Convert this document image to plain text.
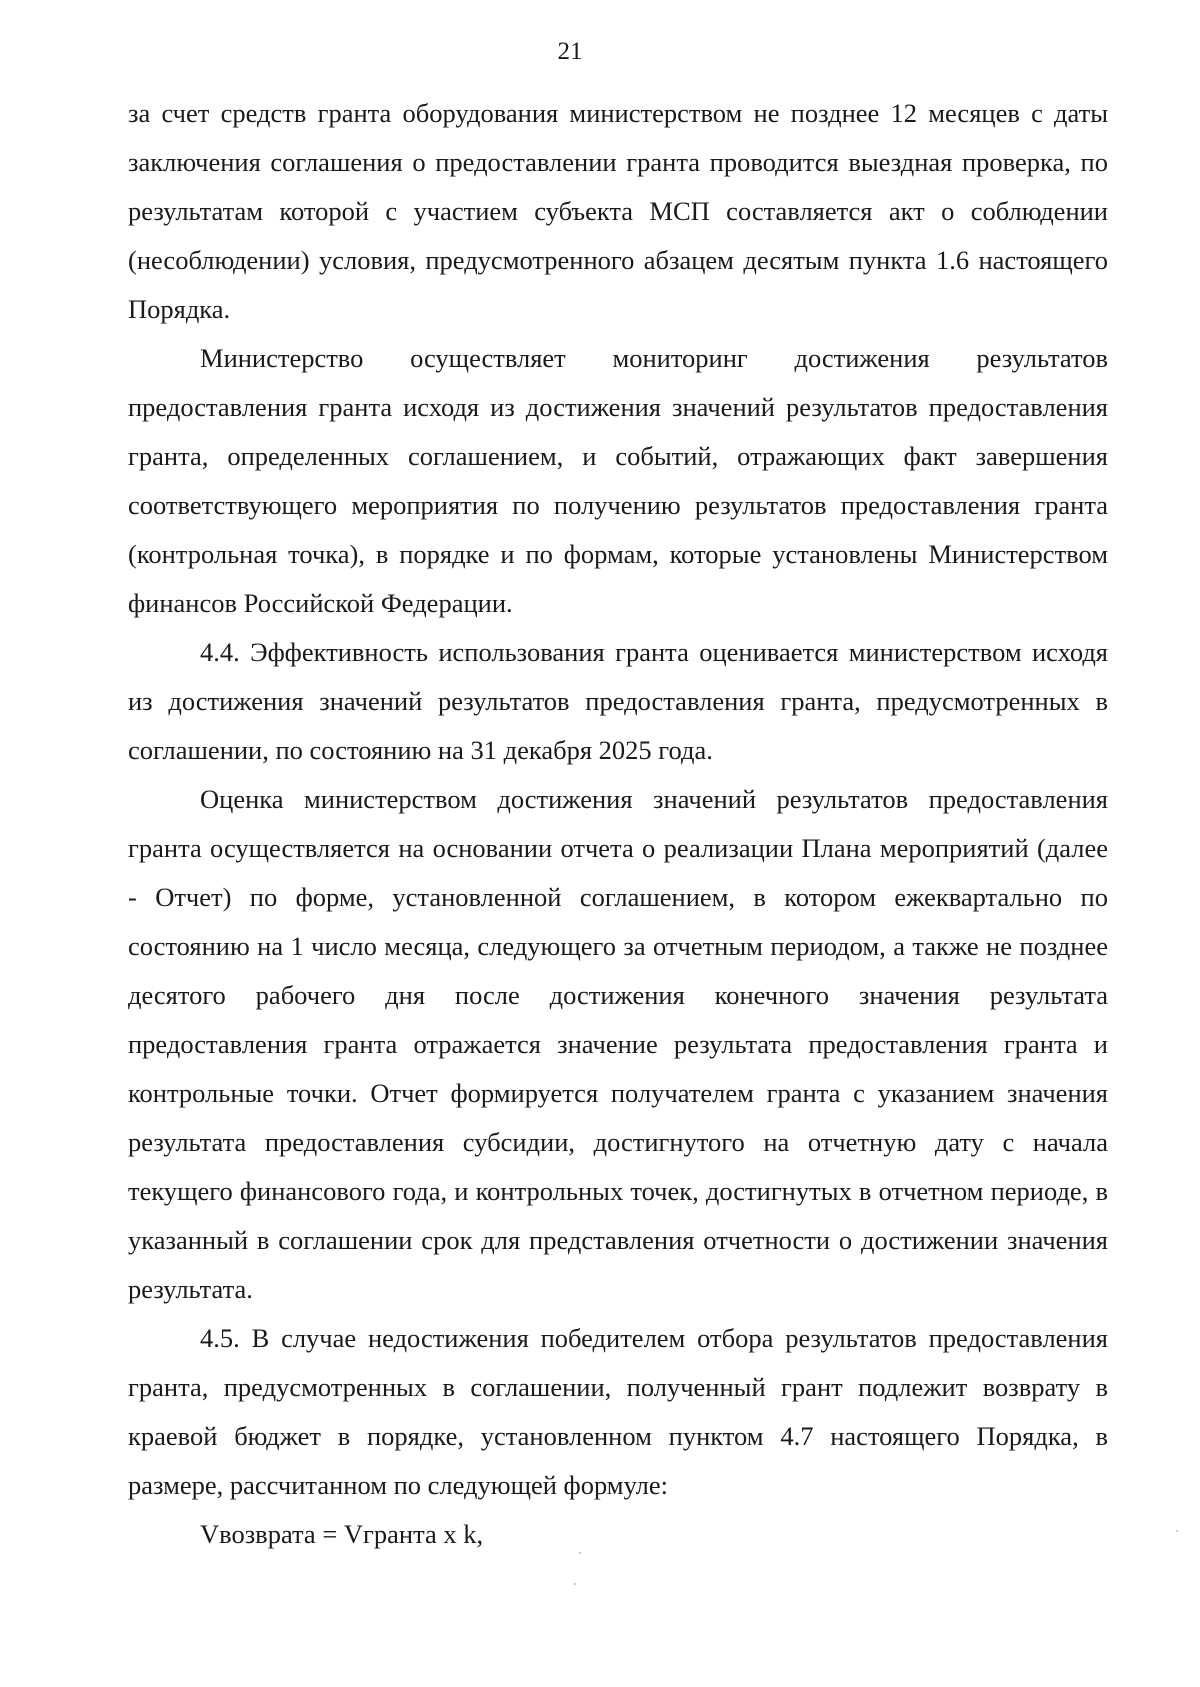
21

за счет средств гранта оборудования министерством не позднее 12 месяцев с даты заключения соглашения о предоставлении гранта проводится выездная проверка, по результатам которой с участием субъекта МСП составляется акт о соблюдении (несоблюдении) условия, предусмотренного абзацем десятым пункта 1.6 настоящего Порядка.

Министерство осуществляет мониторинг достижения результатов предоставления гранта исходя из достижения значений результатов предоставления гранта, определенных соглашением, и событий, отражающих факт завершения соответствующего мероприятия по получению результатов предоставления гранта (контрольная точка), в порядке и по формам, которые установлены Министерством финансов Российской Федерации.

4.4. Эффективность использования гранта оценивается министерством исходя из достижения значений результатов предоставления гранта, предусмотренных в соглашении, по состоянию на 31 декабря 2025 года.

Оценка министерством достижения значений результатов предоставления гранта осуществляется на основании отчета о реализации Плана мероприятий (далее - Отчет) по форме, установленной соглашением, в котором ежеквартально по состоянию на 1 число месяца, следующего за отчетным периодом, а также не позднее десятого рабочего дня после достижения конечного значения результата предоставления гранта отражается значение результата предоставления гранта и контрольные точки. Отчет формируется получателем гранта с указанием значения результата предоставления субсидии, достигнутого на отчетную дату с начала текущего финансового года, и контрольных точек, достигнутых в отчетном периоде, в указанный в соглашении срок для представления отчетности о достижении значения результата.

4.5. В случае недостижения победителем отбора результатов предоставления гранта, предусмотренных в соглашении, полученный грант подлежит возврату в краевой бюджет в порядке, установленном пунктом 4.7 настоящего Порядка, в размере, рассчитанном по следующей формуле:

Vвозврата = Vгранта x k,
